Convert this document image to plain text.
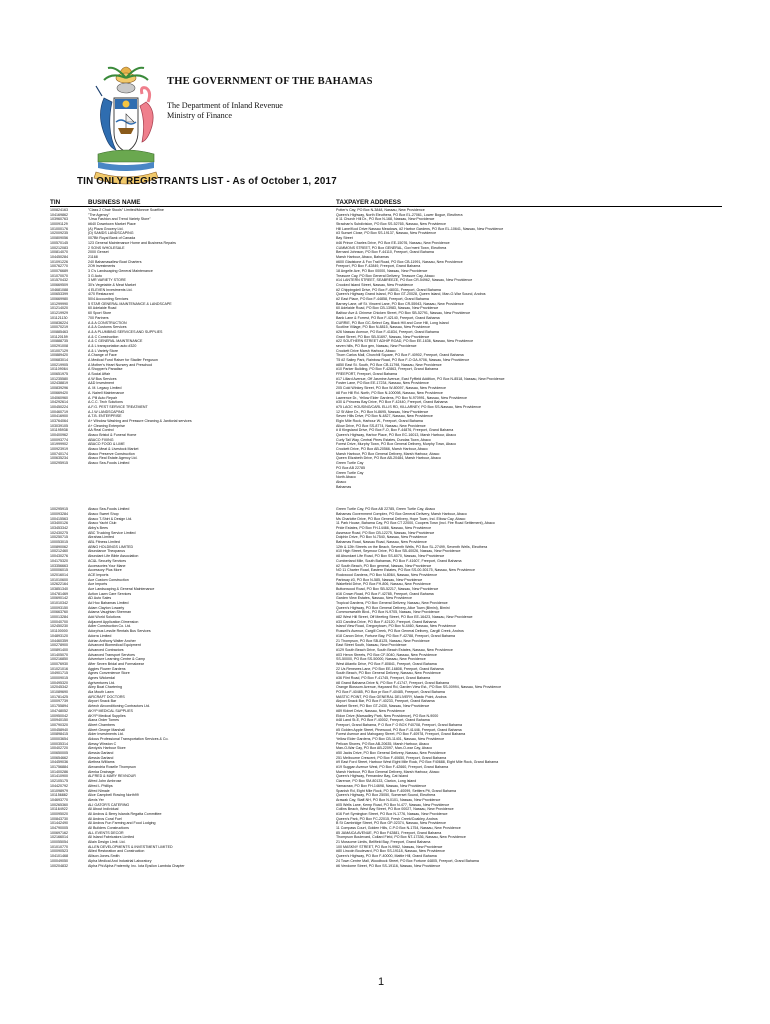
THE GOVERNMENT OF THE BAHAMAS

The Department of Inland Revenue

Ministry of Finance

TIN ONLY REGISTRANTS LIST - As of October 1, 2017
TIN	BUSINESS NAME	TAXPAYER ADDRESS
100824163	"Class 2 Chair Stools" Limited/Monroe Scarfline	Potter's Cay, PO Box N-3848, Nassau, New Providence
104169862	"The Agency"	Queen's Highway, North Eleuthera, PO Box EL-27061, Lower Bogue, Eleuthera
103960763	"Ursa Fashion and Trend Variety Store"	# 11 Church Hill Dr., PO Box N-168, Nassau, New Providence
100091129	#640 Downtown Market Place	Strachan's Subdivision, PO Box SS-52765, Nassau, New Providence
101000176	(A) Plaza Grocery Ltd.	Hill Lane/Kool Drive Nassau Meadows, #2 Harbor Gardens, PO Box EL-10641, Nassau, New Providence
102009235	(D) SAMDS LANDSCAPING	#3 Sunset Close, PO Box SS-19137, Nassau, New Providence
100809056	007Bit Royal Bank of Canada	Bay Street
100570145	123 General Maintenance Home and Business Repairs	#46 Prince Charles Drive, PO Box EE-15076, Nassau, New Providence
100212083	2 SONS WHOLESALE	CUMMONS STREET, PO Box GENERAL, Gov'ment Town, Eleuthera
100814070	2000 Genset	Bernard Johnson, PO Box F-44110, Freeport, Grand Bahama
104450284	21168	Marsh Harbour, Abaco, Bahamas
101091226	240 Bahamasallew Boat Charters	#600 Gladstone & Fox Trail Road, PO Box CB-11991, Nassau, New Providence
100762770	2Oft Investments	Freeport, PO Box F-42849, Freeport, Grand Bahama
100076689	3 C's Landscaping General Maintenance	18 Angelle Ave, PO Box 00000, Nassau, New Providence
101070070	3 G Auto	Treasure Cay, PO Box General Delivery, Treasure Cay, Abaco
101570432	3 MR VARIETY STORE	#14 LANTERN STREET, SEABREEZE, PO Box CR-54962, Nassau, New Providence
100669509	30's Vegetable & Meat Market	Crooked Island Street, Nassau, New Providence
104681088	4 ELEVEN Investments Ltd.	#2 Chippingdell Drive, PO Box F-48031, Freeport, Grand Bahama
100653399	4/70 Restaurant	Queen's Highway Grand Island, PO Box GT-20028, Queen Island, Man-O-War Sound, Andros
100669980	50/4 Accounting Services	#2 East Place, PO Box F-44858, Freeport, Grand Bahama
101299990	5 STAR GENERAL MAINTENANCE & LANDSCAPE	Barney Lane, off St. Vincent Lane, PO Box CR-55943, Nassau, New Providence
101214020	60 Adelaide Road	60 Adelaide Road, PO Box CB-13983, Nassau, New Providence
101219929	60 Sport Store	Balfour Ave & Chinese Chicken Street, PO Box SB-52791, Nassau, New Providence
101121130	700 Partners	Bank Lane & Forrest, PO Box F-42140, Freeport, Grand Bahama
100836224	A & A CONSTRUCTION	CURRIE, PO Box GC-Select Cay, Black Hill and Cove Hill, Long Island
100070219	A & A Customs Services	Scotline Village, PO Box N-8815, Nassau, New Providence
100885463	A & A PLUMBING SERVICES AND SUPPLIES	#26 Nassau Avenue, PO Box F-41834, Freeport, Grand Bahama
101120159	A & C Construction	Grant Street, PO Box SB-51697, Nassau, New Providence
100888735	A & C GENERAL MAINTENANCE	#22 SOUTHERN STREET ADHIP ROAD, PO Box EE-1636, Nassau, New Providence
100291008	A & L transportation auto #320	seven hills, PO Box gen, Nassau, New Providence
101007129	A & L Variety Store	Crockett Drive Marsh Harbour, Abaco
100889420	A Change of Face	Thorn Carlos Mall, Churchill Square, PO Box F-40902, Freeport, Grand Bahama
100683014	A Medical Fund Raiser for Stadler Ferguson	T5 #2 Sailey Park, Rainbow Road, PO Box F-O GA-9706, Nassau, New Providence
100219905	A Mother's Heart Nursery and Preschool	#850 East St. South, PO Box CB-11798, Nassau, New Providence
101109064	A Shopper's Paradise	#10 Parker Building, PO Box F-42863, Freeport, Grand Bahama
100651975	A Social Affair	FREEPORT, Freeport, Grand Bahama
101235580	A W Bus Services	#17 Lillard Avenue, Off Jasmine Avenue, East Fyffield Addition, PO Box N-8518, Nassau, New Providence
102438819	A&D Investment	Foster Lane, PO Box EE-17234, Nassau, New Providence
100839296	A. M. Legacy Limited	205 Cold Winkey Street, PO Box W-80097, Nassau, New Providence
100669420	A. Nairell Maintenance	#8 Fox Hill Rd. North, PO Box N-100098, Nassau, New Providence
104060960	A. Pill Auto Repair	Lawrence Dr., Yellow Elder Gardens, PO Box N-970991, Nassau, New Providence
104292614	A.C.C. Tech Solutions	#30 & Princess Bay Drive, PO Box F-42440, Freeport, Grand Bahama
100450224	A.F.G. PEST SERVICE TREATMENT	#75 LAOC HOUSING/CARL ELLIS RD, KILLARNEY, PO Box SS-Nassau, New Providence
100460719	A.J.W LANDSCAPING	12 Sf Aline Dr., PO Box N-8695, Nassau, New Providence
100416900	A.T.B. ENTERPRISE	Seven Hills Drive, PO Box N-4827, Nassau, New Providence
103764064	A+ Window Washing and Pressure Cleaning & Janitorial services	Elgin Mile Rock, Harbour W., Freeport, Grand Bahama
103039105	A+ Cleaning Enterprise	Allow Drive, PO Box SS-8774, Nassau, New Providence
101195938	AA Real Control	# 8 Kingsland Drive, PO Box F-O, Box F-44876, Freeport, Grand Bahama
100400962	Abaco Bristol & Funeral Home	Queen's Highway, Harbor Place, PO Box EC-16013, Marsh Harbour, Abaco
100093774	ABACO FIXING	Curly Tail Way, Central Pines Estates, Dundas Town, Abaco
101999902	ABACO FOOD & LIME	Forest Drive, Murphy Town, PO Box General Delivery, Murphy Town, Abaco
100923919	Abaco Meat & Livestock Market	Crockett Drive, PO Box AB-20566, Marsh Harbour, Abaco
100740174	Abaco Preserve Construction	Marsh Harbour, PO Box General Delivery, Marsh Harbour, Abaco
100635234	Abaco Real Estate Agency Ltd.	Queen Elizabeth Drive, PO Box AB-20484, Marsh Harbour, Abaco
100295915	Abaco Sea-Foods Limited	Green Turtle Cay
PO Box AB 22785
Green Turtle Cay
North Abaco
Abaco
Bahamas
100295915	Abaco Sea-Foods Limited	Green Turtle Cay, PO Box AB 22785, Green Turtle Cay, Abaco
100093284	Abaco Sweet Shop	Bahamas Government Complex, PO Box General Delivery, Marsh Harbour, Abaco
100415563	Abaco T-Shirt & Design Ltd.	Ms Charlotte Drive, PO Box General Delivery, Hope Town, Ind. Elbow Cay, Abaco
103400126	Abaco Yacht Club	11 Park House, Bahama Cay, PO Box CT 22000, Coopers Town (incl. Fire Road Settlement), Abaco
103453342	Abby's Bees	Pride Estates, PO Box FH-14466, Nassau, New Providence
102430275	ABC Trucking Service Limited	Assessor Road, PO Box CB-12275, Nassau, New Providence
100250715	Abrahas Limited	Dolphin Drive, PO Box N-7540, Nassau, New Providence
100053015	ABL Fitness Limited	Bahamas Road, Nassau Road, Nassau, New Providence
100890062	ABNG HOLDINGS LIMITED	12th & 12th Streets on the Beach, Seventh Wells, PO Box SL-27499, Seventh Wells, Eleuthera
100212460	Abundance Theopanus	#10 High Street, Seymour Drive, PO Box SB-40026, Nassau, New Providence
100430276	Abundant Life Bible Association	#8 Abundant Life Road, PO Box SS-6070, Nassau, New Providence
104175320	AC&L Security Services	Cumberland Mile, South Bahamas, PO Box F-41607, Freeport, Grand Bahama
103356663	Accessories Your Mane	#2 South Beach, PO Box general, Nassau, New Providence
100006015	Accessory Plus More	NO 11 Charter Road, Eastern Estates, PO Box SS-00-50175, Nassau, New Providence
102016014	ACE Imports	Rockwood Gardens, PO Box N-8064, Nassau, New Providence
101010600	Ace Custom Construction	Parkway #3, PO Box N-585, Nassau, New Providence
102622164	Ace Imports	Wakefield Drive, PO Box FH-806, Nassau, New Providence
103851340	Ace Landscaping & General Maintenance	Buttonwood Road, PO Box SB-52217, Nassau, New Providence
104781469	Action Lawn Care Services	#16 Crown Road, PO Box F-42785, Freeport, Grand Bahama
100690142	AD Auto Sales	Garden View Estates, Nassau, New Providence
101010342	Ad Hoc Bahamas Limited	Tropical Gardens, PO Box General Delivery, Nassau, New Providence
100093150	Adam Clayton Lowarty	Queen's Highway, PO Box General Delivery, Alice Town (Bimini), Bimini
100663760	Adama Vaughtan Sherman	Commonwealth Blvd., PO Box N-9705, Nassau, New Providence
100013284	Add World Solutions	#82 West Hill Street, Off Meeting Street, PO Box EE-16423, Nassau, New Providence
100040700	Adjacent Application Dimension	#33 Carolina Drive, PO Box F-42120, Freeport, Grand Bahama
102450230	Adler Construction Co. Ltd.	Island View Road, Gregorytown, PO Box N-4460, Nassau, New Providence
101100000	Adorphus Lesslie Rentals Bus Services	Russell's Avenue, Cargill Creek, PO Box General Delivery, Cargill Creek, Andros
104893120	Adorra Limited	#18 Canon Drive, Fortune Bay, PO Box F-42788, Freeport, Grand Bahama
104460359	Adrian Anthony Walter Ancher	21 Thompson, PO Box SB-8125, Nassau, New Providence
100278900	Advanced Biomedical Equipment	East Street South, Nassau, New Providence
100891400	Advanced Contractors	#129 South Beach Drive, South Beach Estates, Nassau, New Providence
101405070	Advanced Transport Services	#03 Heron Streets, PO Box CF-5040, Nassau, New Providence
100216850	Adventure Learning Centre & Camp	SS-50000, PO Box SS-50000, Nassau, New Providence
100076930	After Seven Bridal and Formalwear	West Atlantic Drive, PO Box F-80841, Freeport, Grand Bahama
101021016	Aggies Flower Gardens	22 Us Renewes Lane, PO Box EE-16808, Freeport, Grand Bahama
104901715	Agnes Convenience Store	South Beach, PO Box General Delivery, Nassau, New Providence
100009015	Agnes Wickerdal	#36 Flint Road, PO Box F-41745, Freeport, Grand Bahama
100495320	Agriventures Ltd.	#8 Grand Bahama Drive N, PO Box F-41747, Freeport, Grand Bahama
102045342	Ailey Boat Chartering	Orange Blossom Avenue, Hayward Rd, Garden View Est., PO Box SS-00994, Nassau, New Providence
101089690	Ala Mouth Lawn	PO Box F-40485, PO Box pr Box F-40485, Freeport, Grand Bahama
101781425	AIRCRAFT DOCTORS	MASTIC POINT, PO Box GENERAL DELIVERY, Mastic Point, Andros
100097739	Airport Snack Bar	Airport Snack Bar, PO Box F-40233, Freeport, Grand Bahama
101755894	Airtech Airconditioning Contractors Ltd.	Market Street, PO Box GT-2430, Nassau, New Providence
104748052	AKYP MEDICAL SUPPLIES	#89 Kidnet Drive, Nassau, New Providence
100950042	AKYP Medical Supplies	Eldon Drive (Marsadley Park, New Providence), PO Box N-9000
100940150	Alana Order Tomes	#48 Land St-E, PO Box F-40002, Freeport, Grand Bahama
100790320	Albert Chambers	Freeport, Grand Bahama, P O Box F O BOX F40708, Freeport, Grand Bahama
100458940	Albert George Marshall	#5 Golden Apple Street, Pinewood, PO Box F-41446, Freeport, Grand Bahama
100898415	Alder Investments Ltd.	Forest Avenue and Mahogany Street, PO Box F-40978, Freeport, Grand Bahama
100003654	Aldous Professional Transportation Services & Co.	Yellow Elder Gardens, PO Box CB-11401, Nassau, New Providence
100035314	Alessy Winston C	Pelican Shores, PO Box AB-20635, Marsh Harbour, Abaco
100402720	Alexiya's Harbour Store	Man-O-War Cay, PO Box AB-22097, Man-O-war Cay, Abaco
100650005	Alessia Garland	#50 Jacks Drive, PO Box General Delivery, Nassau, New Providence
100654662	Alessia Garland	251 Melbourne Crescent, PO Box F-40650, Freeport, Grand Bahama
104459036	Alethea Williams	#9 East Ford Street, Harbour West Eight Mile Rock, PO Box F40688, Eight Mile Rock, Grand Bahama
101756884	Alexandria Roselle Thompson	#19 Suggan Avenue West, PO Box F-42660, Freeport, Grand Bahama
101400286	Alenka Drainage	Marsh Harbour, PO Box General Delivery, Marsh Harbour, Abaco
101410900	ALFRED & MARY REVNOUR	Queen's Highway, Fernandez Bay, Cat Island
102105175	Alfred John Ambrose	Clarence, PO Box SM-80133, Clarion, Long Island
104420792	Alfred L Phillips	Yamacraw, PO Box FH-14698, Nassau, New Providence
101098979	Alfred Nimale	Spanish Rd, Eight Mile Rock, PO Box F-40099, Settlers Pit, Grand Bahama
101156882	Alice Campbell Rowing North99	Queen's Highway, PO Box 25050, Somerset Sound, Eleuthera
104693770	Alexis Yer	Arawak Cay, Staff-NH, PO Box N-0101, Nassau, New Providence
100265360	ALI GATOR'S CATERING	#05 Wells Lane, Kemp Road, PO Box N-477, Nassau, New Providence
101164922	All About Individual	Collins Beach, West Bay Street, PO Box 00027, Nassau, New Providence
100095020	All Andros & Berry Islands Regatta Committee	#16 Fort Symington Street, PO Box N-1776, Nassau, New Providence
100843730	All Andros Coral Fuel	Queen's Park, PO Box FC-22015, Fresh Creek/Coakley, Andros
101442490	All Andros Fun Farming and Food Lodging	B St Cambridge Street, PO Box GP-02374, Nassau, New Providence
104790005	All Builders Constructions	11 Compass Court, Golden Hills, C.P.O Box N-1754, Nassau, New Providence
100697162	ALL EVENTS DECOR	85 JAMAICA AVENUE, PO Box F42881, Freeport, Grand Bahama
102166014	All Island Fabricators Limited	Thompson Boulevard, Collard Field, PO Box NT-17336, Nassau, New Providence
100055054	Allain Design Limit. Ltd.	21 Mossome Limits, Bellfield Bay, Freeport, Grand Bahama
101010770	ALLEN DEVELOPMENTS & INVESTMENT LIMITED	100 MASKNY STREET, PO Box N-9962, Nassau, New Providence
100090523	Allied Restoration and Construction	#80 Lincoln Boulevard, PO Box SS-19118, Nassau, New Providence
104101468	Allison Jones-Smith	Queen's Highway, PO Box F-40000, Mattie Hill, Grand Bahama
100049050	Alpha Medical And Industrial Laboratory	24 Town Centre Mall, Woodbock Street, PO Box Fortune 44805, Freeport, Grand Bahama
100204832	Alpha Phi Alpha Fraternity, Inc. Iota Epsilon Lambda Chapter	#6 Vendome Street, PO Box SS-19116, Nassau, New Providence
1
